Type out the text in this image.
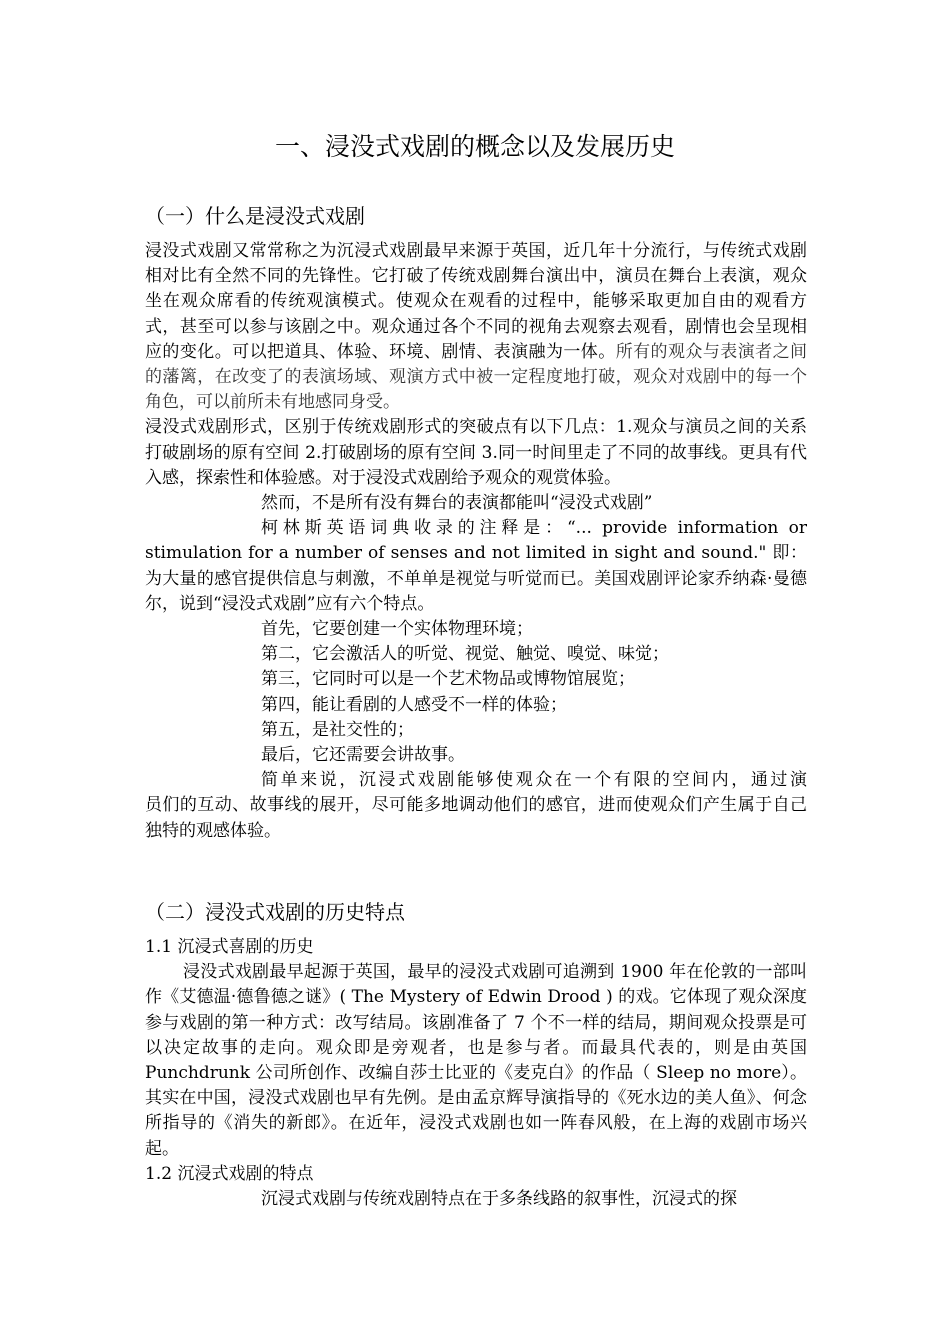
一、浸没式戏剧的概念以及发展历史
（一）什么是浸没式戏剧

浸没式戏剧又常常称之为沉浸式戏剧最早来源于英国，近几年十分流行，与传统式戏剧相对比有全然不同的先锋性。它打破了传统戏剧舞台演出中，演员在舞台上表演，观众坐在观众席看的传统观演模式。使观众在观看的过程中，能够采取更加自由的观看方式，甚至可以参与该剧之中。观众通过各个不同的视角去观察去观看，剧情也会呈现相应的变化。可以把道具、体验、环境、剧情、表演融为一体。所有的观众与表演者之间的藩篱，在改变了的表演场域、观演方式中被一定程度地打破，观众对戏剧中的每一个角色，可以前所未有地感同身受。

浸没式戏剧形式，区别于传统戏剧形式的突破点有以下几点：1.观众与演员之间的关系打破剧场的原有空间 2.打破剧场的原有空间 3.同一时间里走了不同的故事线。更具有代入感，探索性和体验感。对于浸没式戏剧给予观众的观赏体验。

然而，不是所有没有舞台的表演都能叫“浸没式戏剧”

柯林斯英语词典收录的注释是：“... provide information or
stimulation for a number of senses and not limited in sight and sound." 即：为大量的感官提供信息与刺激，不单单是视觉与听觉而已。美国戏剧评论家乔纳森·曼德尔，说到“浸没式戏剧”应有六个特点。

首先，它要创建一个实体物理环境；

第二，它会激活人的听觉、视觉、触觉、嗅觉、味觉；

第三，它同时可以是一个艺术物品或博物馆展览；

第四，能让看剧的人感受不一样的体验；

第五，是社交性的；

最后，它还需要会讲故事。

简单来说，沉浸式戏剧能够使观众在一个有限的空间内，通过演
员们的互动、故事线的展开，尽可能多地调动他们的感官，进而使观众们产生属于自己独特的观感体验。

（二）浸没式戏剧的历史特点

1.1 沉浸式喜剧的历史

浸没式戏剧最早起源于英国，最早的浸没式戏剧可追溯到 1900 年在伦敦的一部叫作《艾德温·德鲁德之谜》( The Mystery of Edwin Drood ) 的戏。它体现了观众深度参与戏剧的第一种方式：改写结局。该剧准备了 7 个不一样的结局，期间观众投票是可以决定故事的走向。观众即是旁观者，也是参与者。而最具代表的，则是由英国 Punchdrunk 公司所创作、改编自莎士比亚的《麦克白》的作品（ Sleep no more）。其实在中国，浸没式戏剧也早有先例。是由孟京辉导演指导的《死水边的美人鱼》、何念所指导的《消失的新郎》。在近年，浸没式戏剧也如一阵春风般，在上海的戏剧市场兴起。

1.2 沉浸式戏剧的特点

沉浸式戏剧与传统戏剧特点在于多条线路的叙事性，沉浸式的探
